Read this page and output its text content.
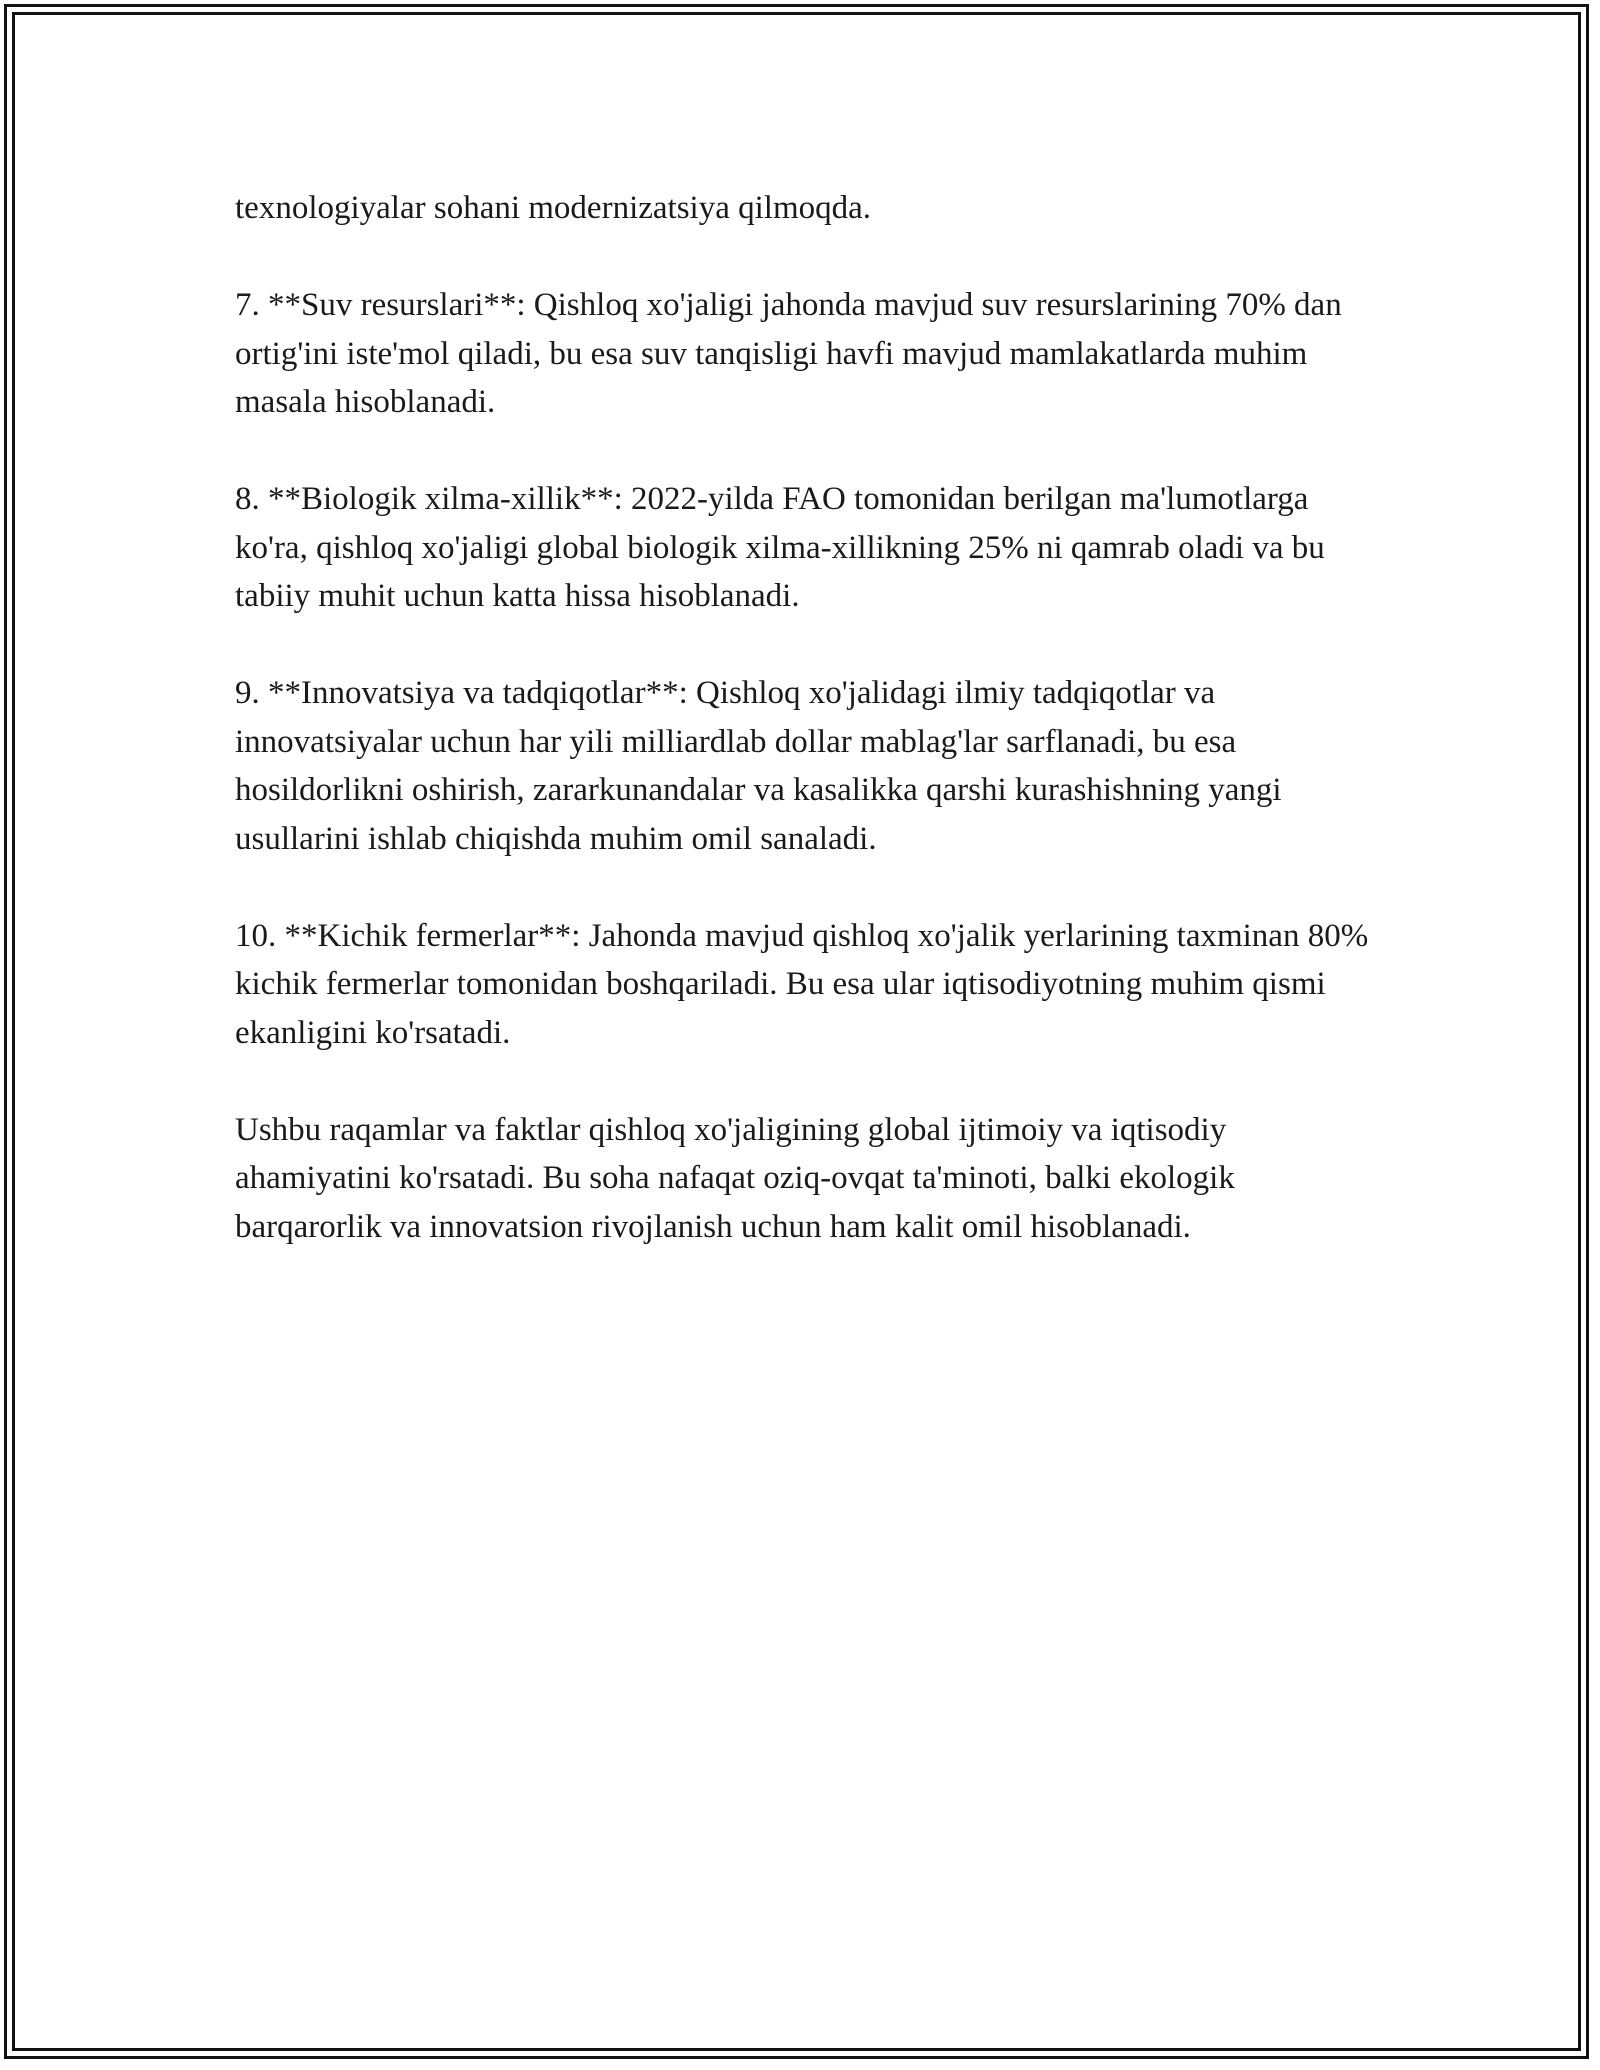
texnologiyalar sohani modernizatsiya qilmoqda.

7. **Suv resurslari**: Qishloq xo'jaligi jahonda mavjud suv resurslarining 70% dan ortig'ini iste'mol qiladi, bu esa suv tanqisligi havfi mavjud mamlakatlarda muhim masala hisoblanadi.

8. **Biologik xilma-xillik**: 2022-yilda FAO tomonidan berilgan ma'lumotlarga ko'ra, qishloq xo'jaligi global biologik xilma-xillikning 25% ni qamrab oladi va bu tabiiy muhit uchun katta hissa hisoblanadi.

9. **Innovatsiya va tadqiqotlar**: Qishloq xo'jalidagi ilmiy tadqiqotlar va innovatsiyalar uchun har yili milliardlab dollar mablag'lar sarflanadi, bu esa hosildorlikni oshirish, zararkunandalar va kasalikka qarshi kurashishning yangi usullarini ishlab chiqishda muhim omil sanaladi.

10. **Kichik fermerlar**: Jahonda mavjud qishloq xo'jalik yerlarining taxminan 80% kichik fermerlar tomonidan boshqariladi. Bu esa ular iqtisodiyotning muhim qismi ekanligini ko'rsatadi.

Ushbu raqamlar va faktlar qishloq xo'jaligining global ijtimoiy va iqtisodiy ahamiyatini ko'rsatadi. Bu soha nafaqat oziq-ovqat ta'minoti, balki ekologik barqarorlik va innovatsion rivojlanish uchun ham kalit omil hisoblanadi.
